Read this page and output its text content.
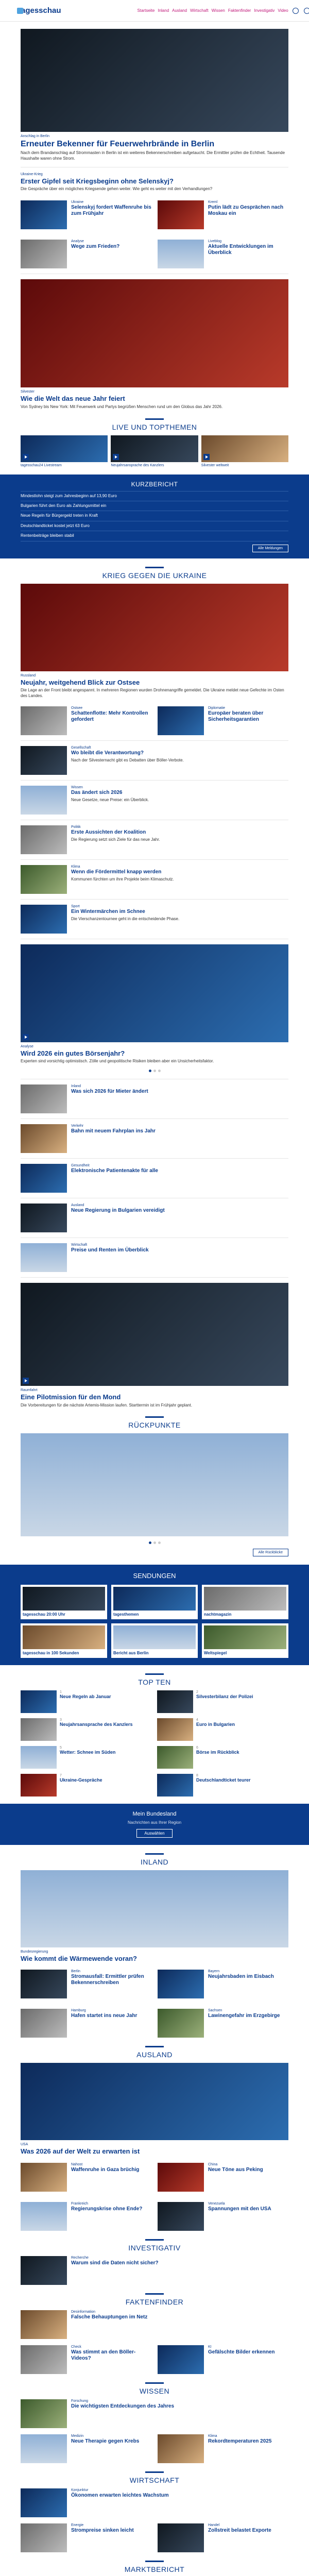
tagesschau	Startseite Inland Ausland Wirtschaft Wissen Faktenfinder Investigativ Video
Anschlag in Berlin
Erneuter Bekenner für Feuerwehrbrände in Berlin
Nach dem Brandanschlag auf Strommasten in Berlin ist ein weiteres Bekennerschreiben aufgetaucht. Die Ermittler prüfen die Echtheit. Tausende Haushalte waren ohne Strom.
Ukraine-Krieg
Erster Gipfel seit Kriegsbeginn ohne Selenskyj?
Die Gespräche über ein mögliches Kriegsende gehen weiter. Wie geht es weiter mit den Verhandlungen?
Ukraine
Selenskyj fordert Waffenruhe bis zum Frühjahr
Kreml
Putin lädt zu Gesprächen nach Moskau ein
Analyse
Wege zum Frieden?
Liveblog
Aktuelle Entwicklungen im Überblick
Silvester
Wie die Welt das neue Jahr feiert
Von Sydney bis New York: Mit Feuerwerk und Partys begrüßen Menschen rund um den Globus das Jahr 2026.
LIVE UND TOPTHEMEN
tagesschau24 Livestream	Neujahrsansprache des Kanzlers	Silvester weltweit
KURZBERICHT
Mindestlohn steigt zum Jahresbeginn auf 13,90 Euro
Bulgarien führt den Euro als Zahlungsmittel ein
Neue Regeln für Bürgergeld treten in Kraft
Deutschlandticket kostet jetzt 63 Euro
Rentenbeiträge bleiben stabil
Alle Meldungen
KRIEG GEGEN DIE UKRAINE
Russland
Neujahr, weitgehend Blick zur Ostsee
Die Lage an der Front bleibt angespannt. In mehreren Regionen wurden Drohnenangriffe gemeldet. Die Ukraine meldet neue Gefechte im Osten des Landes.
Ostsee
Schattenflotte: Mehr Kontrollen gefordert
Diplomatie
Europäer beraten über Sicherheitsgarantien
Gesellschaft
Wo bleibt die Verantwortung?
Nach der Silvesternacht gibt es Debatten über Böller-Verbote.
Wissen
Das ändert sich 2026
Neue Gesetze, neue Preise: ein Überblick.
Politik
Erste Aussichten der Koalition
Die Regierung setzt sich Ziele für das neue Jahr.
Klima
Wenn die Fördermittel knapp werden
Kommunen fürchten um ihre Projekte beim Klimaschutz.
Sport
Ein Wintermärchen im Schnee
Die Vierschanzentournee geht in die entscheidende Phase.
Analyse
Wird 2026 ein gutes Börsenjahr?
Experten sind vorsichtig optimistisch. Zölle und geopolitische Risiken bleiben aber ein Unsicherheitsfaktor.
Inland
Was sich 2026 für Mieter ändert
Verkehr
Bahn mit neuem Fahrplan ins Jahr
Gesundheit
Elektronische Patientenakte für alle
Ausland
Neue Regierung in Bulgarien vereidigt
Wirtschaft
Preise und Renten im Überblick
Raumfahrt
Eine Pilotmission für den Mond
Die Vorbereitungen für die nächste Artemis-Mission laufen. Starttermin ist im Frühjahr geplant.
RÜCKPUNKTE
Alle Rückblicke
SENDUNGEN
tagesschau 20:00 Uhr	tagesthemen	nachtmagazin
tagesschau in 100 Sekunden	Bericht aus Berlin	Weltspiegel
TOP TEN
1
Neue Regeln ab Januar
2
Silvesterbilanz der Polizei
3
Neujahrsansprache des Kanzlers
4
Euro in Bulgarien
5
Wetter: Schnee im Süden
6
Börse im Rückblick
7
Ukraine-Gespräche
8
Deutschlandticket teurer
Mein Bundesland
Nachrichten aus Ihrer Region
Auswählen
INLAND
Bundesregierung
Wie kommt die Wärmewende voran?
Berlin
Stromausfall: Ermittler prüfen Bekennerschreiben
Bayern
Neujahrsbaden im Eisbach
Hamburg
Hafen startet ins neue Jahr
Sachsen
Lawinengefahr im Erzgebirge
AUSLAND
USA
Was 2026 auf der Welt zu erwarten ist
Nahost
Waffenruhe in Gaza brüchig
China
Neue Töne aus Peking
Frankreich
Regierungskrise ohne Ende?
Venezuela
Spannungen mit den USA
INVESTIGATIV
Recherche
Warum sind die Daten nicht sicher?
FAKTENFINDER
Desinformation
Falsche Behauptungen im Netz
Check
Was stimmt an den Böller-Videos?
KI
Gefälschte Bilder erkennen
WISSEN
Forschung
Die wichtigsten Entdeckungen des Jahres
Medizin
Neue Therapie gegen Krebs
Klima
Rekordtemperaturen 2025
WIRTSCHAFT
Konjunktur
Ökonomen erwarten leichtes Wachstum
Energie
Strompreise sinken leicht
Handel
Zollstreit belastet Exporte
MARKTBERICHT
